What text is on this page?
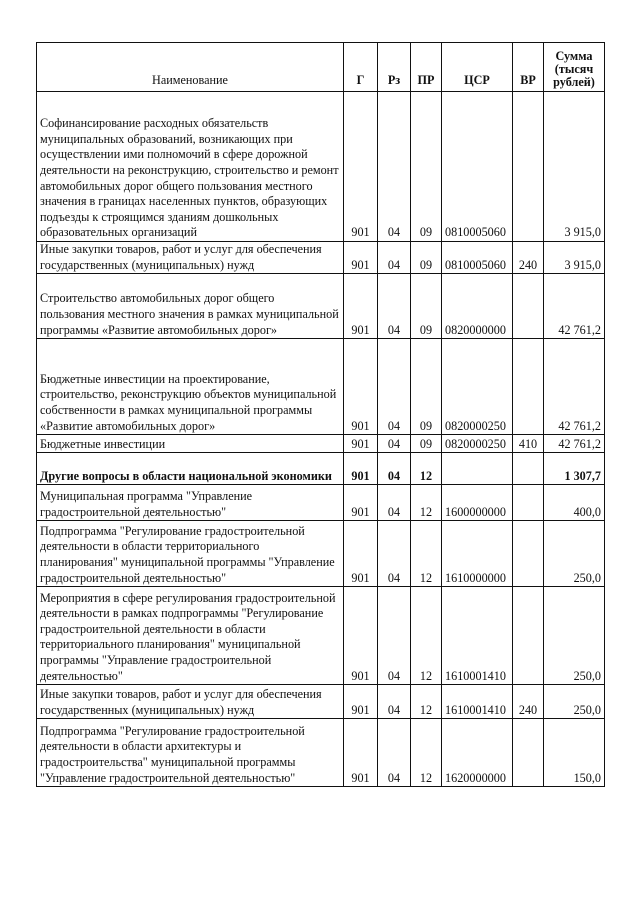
Наименование	Г	Рз	ПР	ЦСР	ВР	Сумма
(тысяч
рублей)

Софинансирование расходных обязательств муниципальных образований, возникающих при осуществлении ими полномочий в сфере дорожной деятельности на реконструкцию, строительство и ремонт автомобильных дорог общего пользования местного значения в границах населенных пунктов, образующих подъезды к строящимся зданиям дошкольных образовательных организаций	901	04	09	0810005060		3 915,0
Иные закупки товаров, работ и услуг для обеспечения государственных (муниципальных) нужд	901	04	09	0810005060	240	3 915,0
Строительство автомобильных дорог общего пользования местного значения в рамках муниципальной программы «Развитие автомобильных дорог»	901	04	09	0820000000		42 761,2
Бюджетные инвестиции на проектирование, строительство, реконструкцию объектов муниципальной собственности в рамках муниципальной программы «Развитие автомобильных дорог»	901	04	09	0820000250		42 761,2
Бюджетные инвестиции	901	04	09	0820000250	410	42 761,2
Другие вопросы в области национальной экономики	901	04	12			1 307,7
Муниципальная программа "Управление градостроительной деятельностью"	901	04	12	1600000000		400,0
Подпрограмма "Регулирование градостроительной деятельности в области территориального планирования" муниципальной программы "Управление градостроительной деятельностью"	901	04	12	1610000000		250,0
Мероприятия в сфере регулирования градостроительной деятельности в рамках подпрограммы "Регулирование градостроительной деятельности в области территориального планирования" муниципальной программы "Управление градостроительной деятельностью"	901	04	12	1610001410		250,0
Иные закупки товаров, работ и услуг для обеспечения государственных (муниципальных) нужд	901	04	12	1610001410	240	250,0
Подпрограмма "Регулирование градостроительной деятельности в области архитектуры и градостроительства" муниципальной программы "Управление градостроительной деятельностью"	901	04	12	1620000000		150,0
